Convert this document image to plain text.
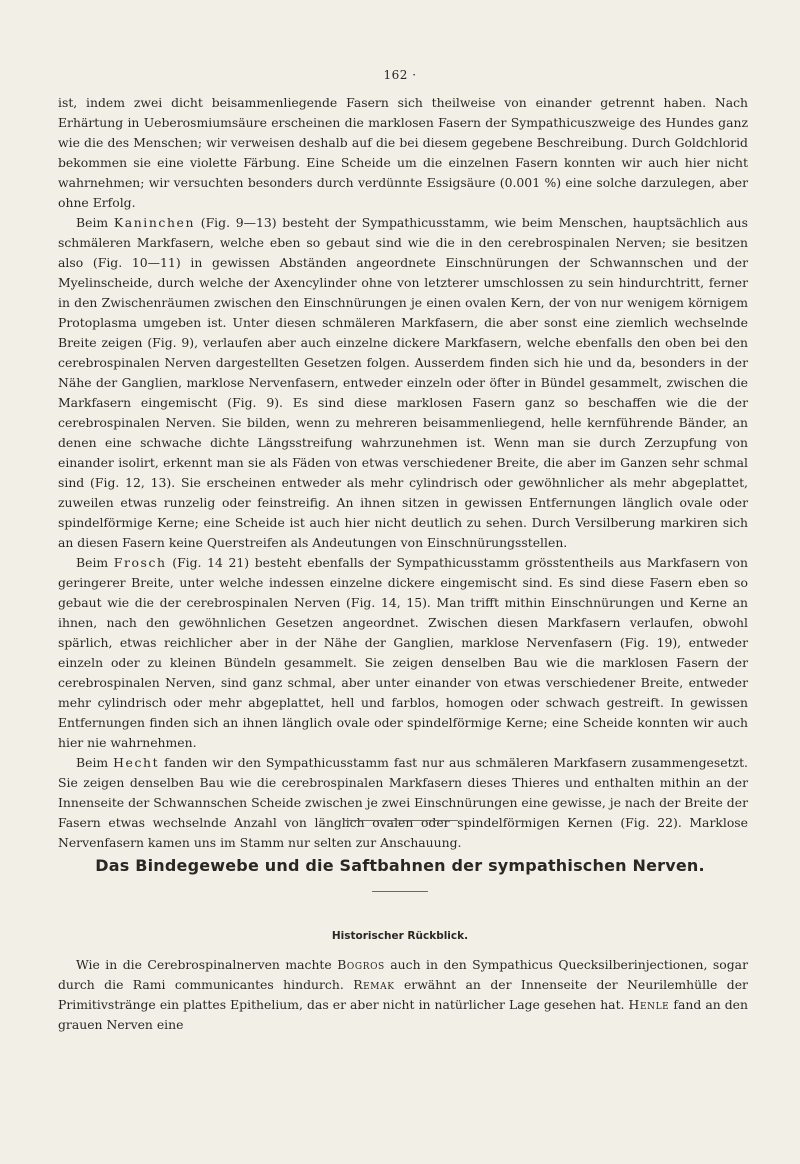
162 ·

ist, indem zwei dicht beisammenliegende Fasern sich theilweise von einander getrennt haben. Nach Erhärtung in Ueberosmiumsäure erscheinen die marklosen Fasern der Sympathicuszweige des Hundes ganz wie die des Menschen; wir verweisen deshalb auf die bei diesem gegebene Beschreibung. Durch Goldchlorid bekommen sie eine violette Färbung. Eine Scheide um die einzelnen Fasern konnten wir auch hier nicht wahrnehmen; wir versuchten besonders durch verdünnte Essigsäure (0.001 %) eine solche darzulegen, aber ohne Erfolg.

Beim Kaninchen (Fig. 9—13) besteht der Sympathicusstamm, wie beim Menschen, hauptsächlich aus schmäleren Markfasern, welche eben so gebaut sind wie die in den cerebrospinalen Nerven; sie besitzen also (Fig. 10—11) in gewissen Abständen angeordnete Einschnürungen der Schwannschen und der Myelinscheide, durch welche der Axencylinder ohne von letzterer umschlossen zu sein hindurchtritt, ferner in den Zwischenräumen zwischen den Einschnürungen je einen ovalen Kern, der von nur wenigem körnigem Protoplasma umgeben ist. Unter diesen schmäleren Markfasern, die aber sonst eine ziemlich wechselnde Breite zeigen (Fig. 9), verlaufen aber auch einzelne dickere Markfasern, welche ebenfalls den oben bei den cerebrospinalen Nerven dargestellten Gesetzen folgen. Ausserdem finden sich hie und da, besonders in der Nähe der Ganglien, marklose Nervenfasern, entweder einzeln oder öfter in Bündel gesammelt, zwischen die Markfasern eingemischt (Fig. 9). Es sind diese marklosen Fasern ganz so beschaffen wie die der cerebrospinalen Nerven. Sie bilden, wenn zu mehreren beisammenliegend, helle kernführende Bänder, an denen eine schwache dichte Längsstreifung wahrzunehmen ist. Wenn man sie durch Zerzupfung von einander isolirt, erkennt man sie als Fäden von etwas verschiedener Breite, die aber im Ganzen sehr schmal sind (Fig. 12, 13). Sie erscheinen entweder als mehr cylindrisch oder gewöhnlicher als mehr abgeplattet, zuweilen etwas runzelig oder feinstreifig. An ihnen sitzen in gewissen Entfernungen länglich ovale oder spindelförmige Kerne; eine Scheide ist auch hier nicht deutlich zu sehen. Durch Versilberung markiren sich an diesen Fasern keine Querstreifen als Andeutungen von Einschnürungsstellen.

Beim Frosch (Fig. 14 21) besteht ebenfalls der Sympathicusstamm grösstentheils aus Markfasern von geringerer Breite, unter welche indessen einzelne dickere eingemischt sind. Es sind diese Fasern eben so gebaut wie die der cerebrospinalen Nerven (Fig. 14, 15). Man trifft mithin Einschnürungen und Kerne an ihnen, nach den gewöhnlichen Gesetzen angeordnet. Zwischen diesen Markfasern verlaufen, obwohl spärlich, etwas reichlicher aber in der Nähe der Ganglien, marklose Nervenfasern (Fig. 19), entweder einzeln oder zu kleinen Bündeln gesammelt. Sie zeigen denselben Bau wie die marklosen Fasern der cerebrospinalen Nerven, sind ganz schmal, aber unter einander von etwas verschiedener Breite, entweder mehr cylindrisch oder mehr abgeplattet, hell und farblos, homogen oder schwach gestreift. In gewissen Entfernungen finden sich an ihnen länglich ovale oder spindelförmige Kerne; eine Scheide konnten wir auch hier nie wahrnehmen.

Beim Hecht fanden wir den Sympathicusstamm fast nur aus schmäleren Markfasern zusammengesetzt. Sie zeigen denselben Bau wie die cerebrospinalen Markfasern dieses Thieres und enthalten mithin an der Innenseite der Schwannschen Scheide zwischen je zwei Einschnürungen eine gewisse, je nach der Breite der Fasern etwas wechselnde Anzahl von länglich ovalen oder spindelförmigen Kernen (Fig. 22). Marklose Nervenfasern kamen uns im Stamm nur selten zur Anschauung.

Das Bindegewebe und die Saftbahnen der sympathischen Nerven.
Historischer Rückblick.

Wie in die Cerebrospinalnerven machte Bogros auch in den Sympathicus Quecksilberinjectionen, sogar durch die Rami communicantes hindurch. Remak erwähnt an der Innenseite der Neurilemhülle der Primitivstränge ein plattes Epithelium, das er aber nicht in natürlicher Lage gesehen hat. Henle fand an den grauen Nerven eine
